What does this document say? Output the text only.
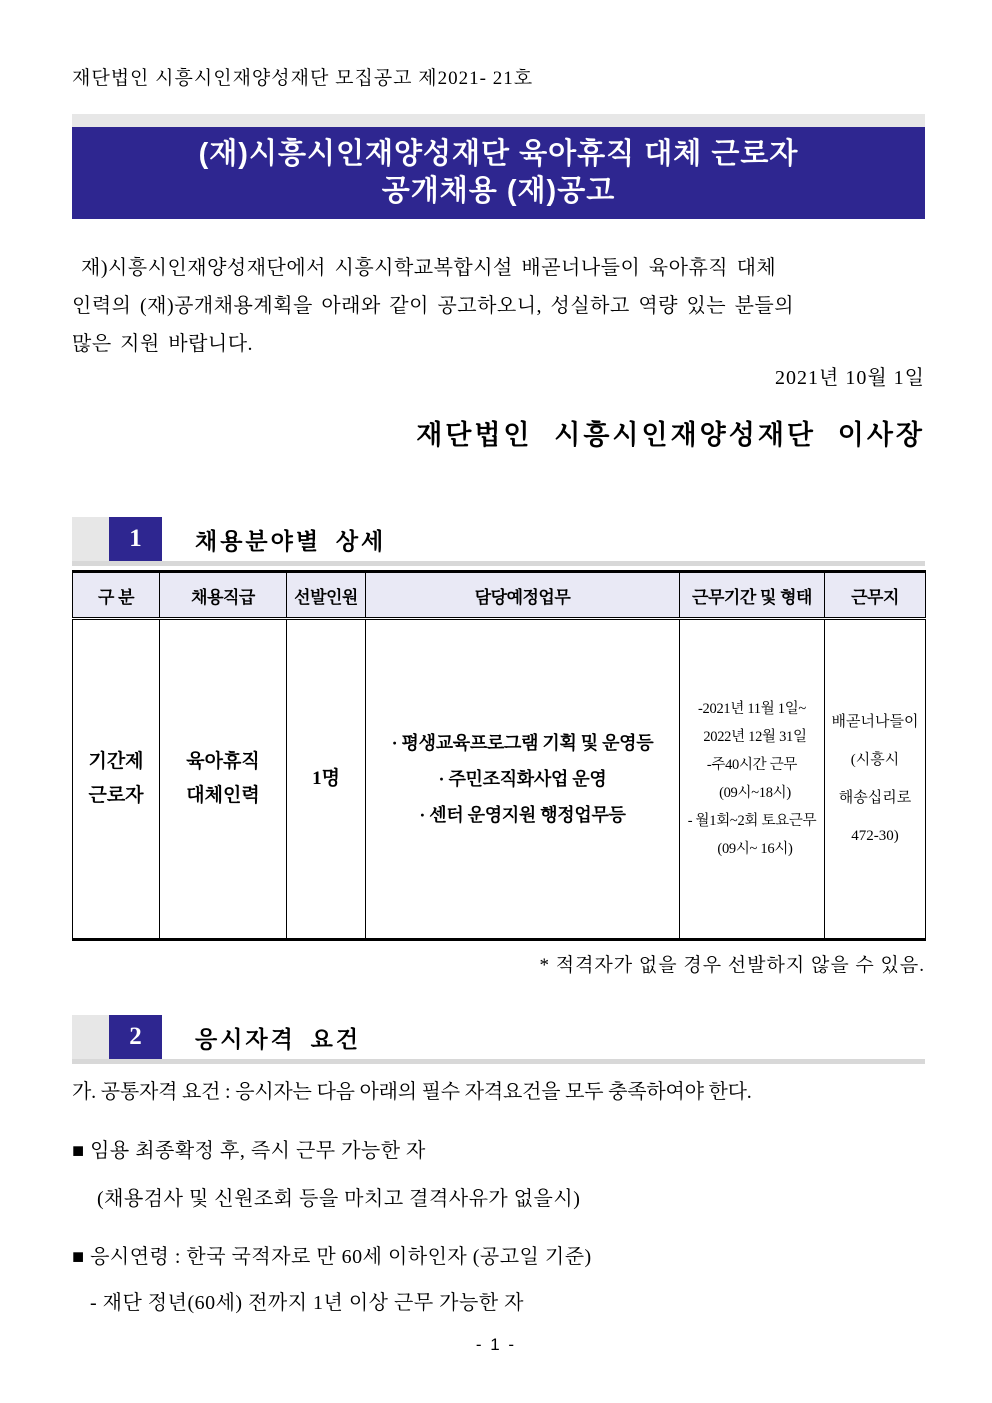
재단법인 시흥시인재양성재단 모집공고 제2021- 21호
(재)시흥시인재양성재단 육아휴직 대체 근로자
공개채용 (재)공고
재)시흥시인재양성재단에서 시흥시학교복합시설 배곧너나들이 육아휴직 대체
인력의 (재)공개채용계획을 아래와 같이 공고하오니, 성실하고 역량 있는 분들의
많은 지원 바랍니다.
2021년 10월 1일
재단법인 시흥시인재양성재단 이사장
1	채용분야별 상세
구 분	채용직급	선발인원	담당예정업무	근무기간 및 형태	근무지

기간제
근로자

육아휴직
대체인력

1명

· 평생교육프로그램 기획 및 운영등
· 주민조직화사업 운영
· 센터 운영지원 행정업무등

-2021년 11월 1일~
2022년 12월 31일
-주40시간 근무
(09시~18시)
- 월1회~2회 토요근무
(09시~ 16시)

배곧너나들이
(시흥시
해송십리로
472-30)
* 적격자가 없을 경우 선발하지 않을 수 있음.
2	응시자격 요건
가. 공통자격 요건 : 응시자는 다음 아래의 필수 자격요건을 모두 충족하여야 한다.
■ 임용 최종확정 후, 즉시 근무 가능한 자
(채용검사 및 신원조회 등을 마치고 결격사유가 없을시)
■ 응시연령 : 한국 국적자로 만 60세 이하인자 (공고일 기준)
- 재단 정년(60세) 전까지 1년 이상 근무 가능한 자
- 1 -
